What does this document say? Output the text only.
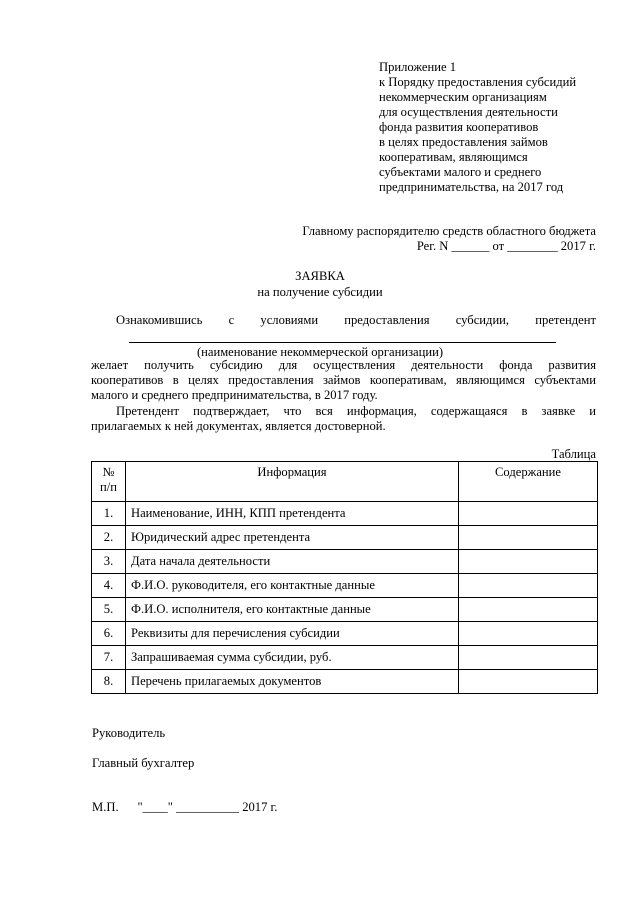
Приложение 1
к Порядку предоставления субсидий
некоммерческим организациям
для осуществления деятельности
фонда развития кооперативов
в целях предоставления займов
кооперативам, являющимся
субъектами малого и среднего
предпринимательства, на 2017 год
Главному распорядителю средств областного бюджета
Рег. N ______ от ________ 2017 г.
ЗАЯВКА
на получение субсидии
Ознакомившись с условиями предоставления субсидии, претендент
(наименование некоммерческой организации)
желает получить субсидию для осуществления деятельности фонда развития
кооперативов в целях предоставления займов кооперативам, являющимся субъектами
малого и среднего предпринимательства, в 2017 году.
Претендент подтверждает, что вся информация, содержащаяся в заявке и
прилагаемых к ней документах, является достоверной.
Таблица
№
п/п	Информация	Содержание
1.	Наименование, ИНН, КПП претендента	
2.	Юридический адрес претендента	
3.	Дата начала деятельности	
4.	Ф.И.О. руководителя, его контактные данные	
5.	Ф.И.О. исполнителя, его контактные данные	
6.	Реквизиты для перечисления субсидии	
7.	Запрашиваемая сумма субсидии, руб.	
8.	Перечень прилагаемых документов	
Руководитель
Главный бухгалтер
М.П.      "____" __________ 2017 г.
